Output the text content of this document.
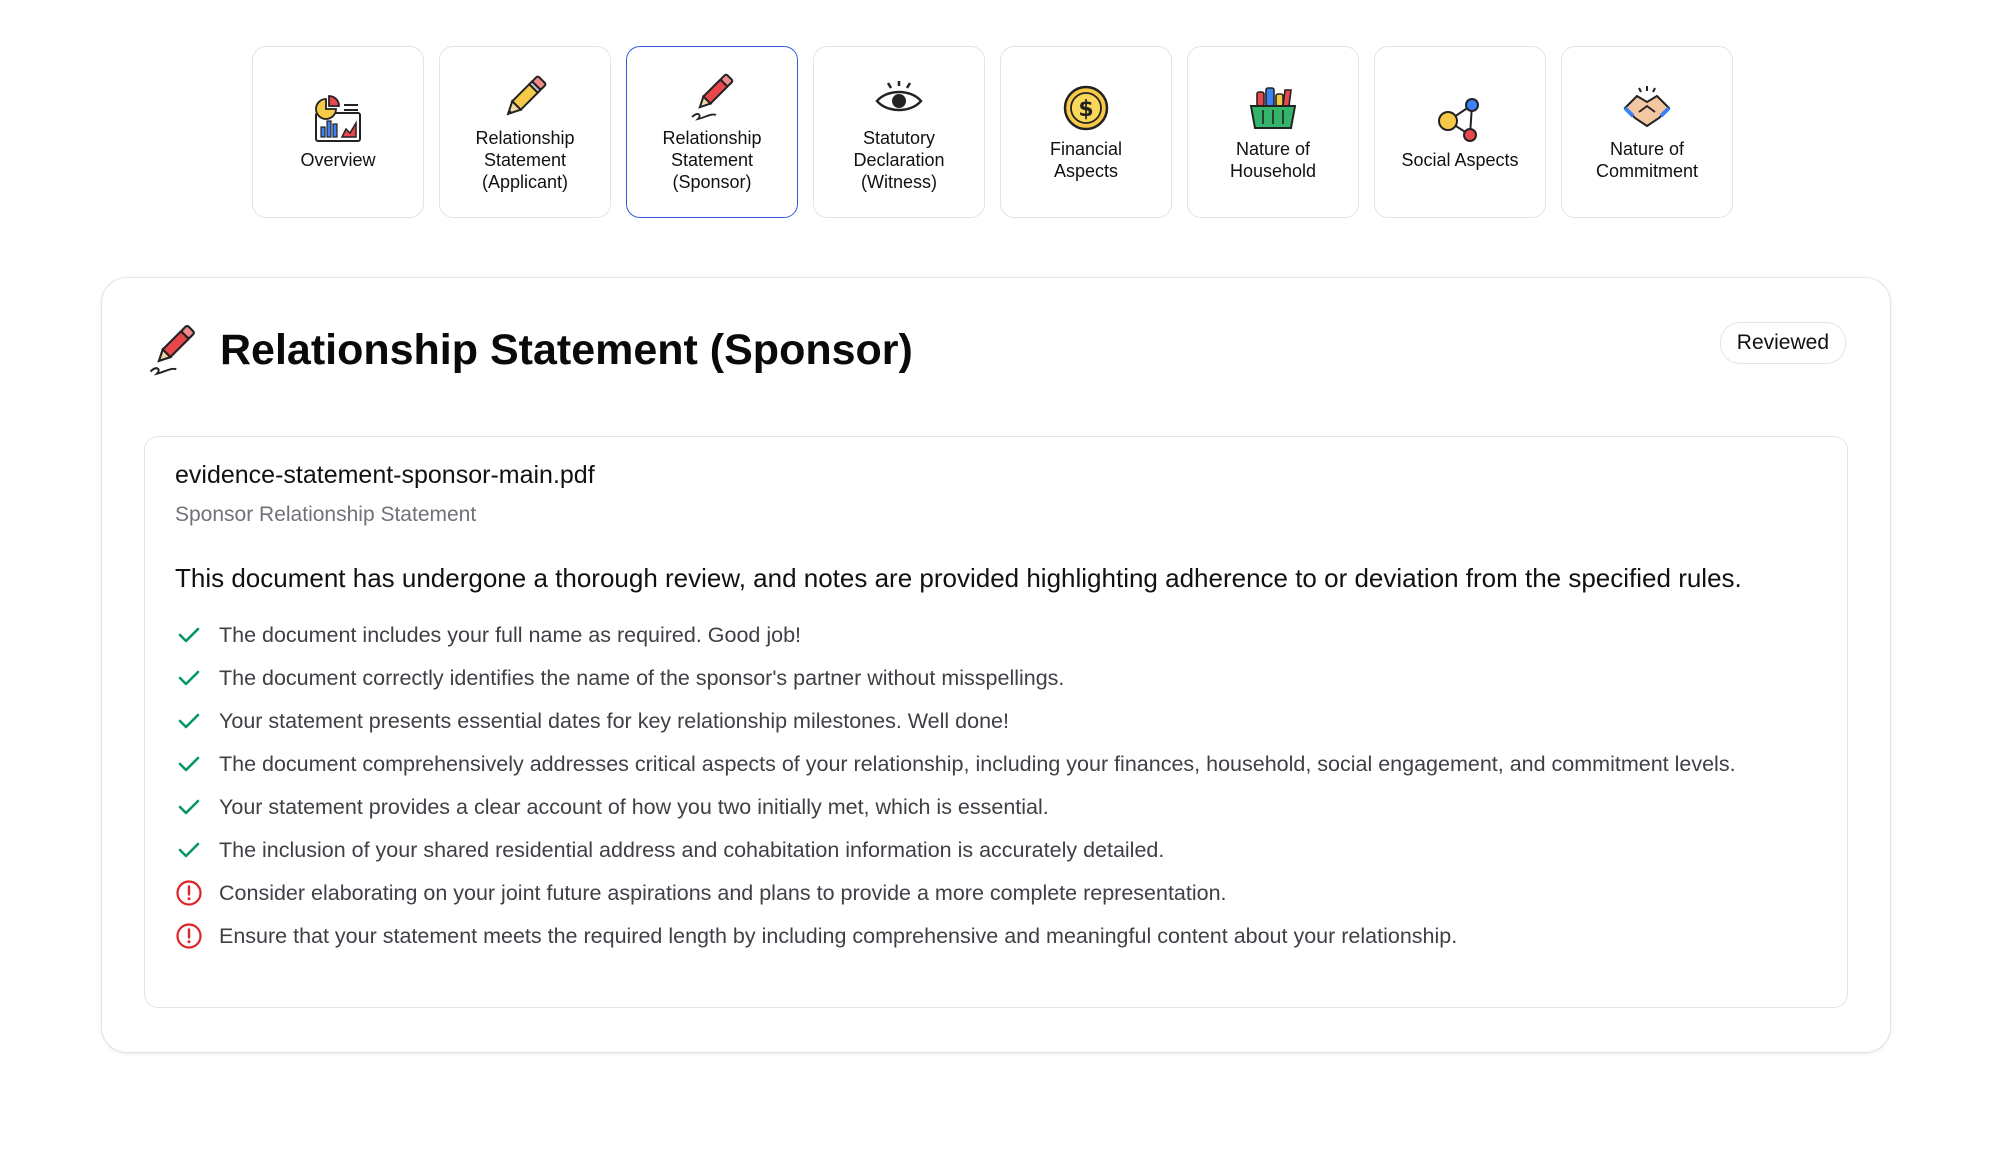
Overview
Relationship
Statement
(Applicant)
Relationship
Statement
(Sponsor)
Statutory
Declaration
(Witness)
$
Financial
Aspects
Nature of
Household
Social Aspects
Nature of
Commitment
Relationship Statement (Sponsor)	Reviewed
evidence-statement-sponsor-main.pdf
Sponsor Relationship Statement
This document has undergone a thorough review, and notes are provided highlighting adherence to or deviation from the specified rules.
The document includes your full name as required. Good job!
The document correctly identifies the name of the sponsor's partner without misspellings.
Your statement presents essential dates for key relationship milestones. Well done!
The document comprehensively addresses critical aspects of your relationship, including your finances, household, social engagement, and commitment levels.
Your statement provides a clear account of how you two initially met, which is essential.
The inclusion of your shared residential address and cohabitation information is accurately detailed.
Consider elaborating on your joint future aspirations and plans to provide a more complete representation.
Ensure that your statement meets the required length by including comprehensive and meaningful content about your relationship.
